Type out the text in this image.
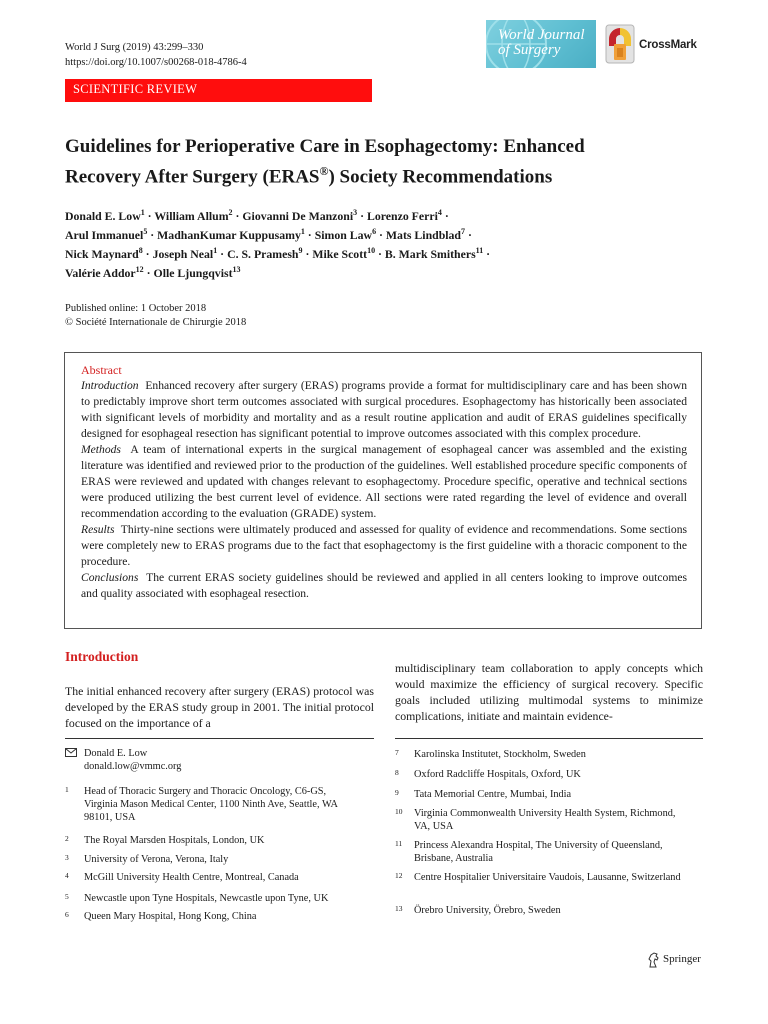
World J Surg (2019) 43:299–330
https://doi.org/10.1007/s00268-018-4786-4
World Journal
of Surgery	CrossMark
SCIENTIFIC REVIEW
Guidelines for Perioperative Care in Esophagectomy: Enhanced
Recovery After Surgery (ERAS®) Society Recommendations

Donald E. Low$^1$ · William Allum$^2$ · Giovanni De Manzoni$^3$ · Lorenzo Ferri$^4$ ·
Arul Immanuel$^5$ · MadhanKumar Kuppusamy$^1$ · Simon Law$^6$ · Mats Lindblad$^7$ ·
Nick Maynard$^8$ · Joseph Neal$^1$ · C. S. Pramesh$^9$ · Mike Scott$^{10}$ · B. Mark Smithers$^{11}$ ·
Valérie Addor$^{12}$ · Olle Ljungqvist$^{13}$

Published online: 1 October 2018
© Société Internationale de Chirurgie 2018

Abstract

Introduction Enhanced recovery after surgery (ERAS) programs provide a format for multidisciplinary care and has been shown to predictably improve short term outcomes associated with surgical procedures. Esophagectomy has historically been associated with significant levels of morbidity and mortality and as a result routine application and audit of ERAS guidelines specifically designed for esophageal resection has significant potential to improve outcomes associated with this complex procedure.

Methods A team of international experts in the surgical management of esophageal cancer was assembled and the existing literature was identified and reviewed prior to the production of the guidelines. Well established procedure specific components of ERAS were reviewed and updated with changes relevant to esophagectomy. Procedure specific, operative and technical sections were produced utilizing the best current level of evidence. All sections were rated regarding the level of evidence and overall recommendation according to the evaluation (GRADE) system.

Results Thirty-nine sections were ultimately produced and assessed for quality of evidence and recommendations. Some sections were completely new to ERAS programs due to the fact that esophagectomy is the first guideline with a thoracic component to the procedure.

Conclusions The current ERAS society guidelines should be reviewed and applied in all centers looking to improve outcomes and quality associated with esophageal resection.

Introduction

The initial enhanced recovery after surgery (ERAS) protocol was developed by the ERAS study group in 2001. The initial protocol focused on the importance of a

multidisciplinary team collaboration to apply concepts which would maximize the efficiency of surgical recovery. Specific goals included utilizing multimodal systems to minimize complications, initiate and maintain evidence-

Donald E. Low
donald.low@vmmc.org
1 Head of Thoracic Surgery and Thoracic Oncology, C6-GS, Virginia Mason Medical Center, 1100 Ninth Ave, Seattle, WA 98101, USA
2 The Royal Marsden Hospitals, London, UK
3 University of Verona, Verona, Italy
4 McGill University Health Centre, Montreal, Canada
5 Newcastle upon Tyne Hospitals, Newcastle upon Tyne, UK
6 Queen Mary Hospital, Hong Kong, China
7 Karolinska Institutet, Stockholm, Sweden
8 Oxford Radcliffe Hospitals, Oxford, UK
9 Tata Memorial Centre, Mumbai, India
10 Virginia Commonwealth University Health System, Richmond, VA, USA
11 Princess Alexandra Hospital, The University of Queensland, Brisbane, Australia
12 Centre Hospitalier Universitaire Vaudois, Lausanne, Switzerland
13 Örebro University, Örebro, Sweden
Springer
